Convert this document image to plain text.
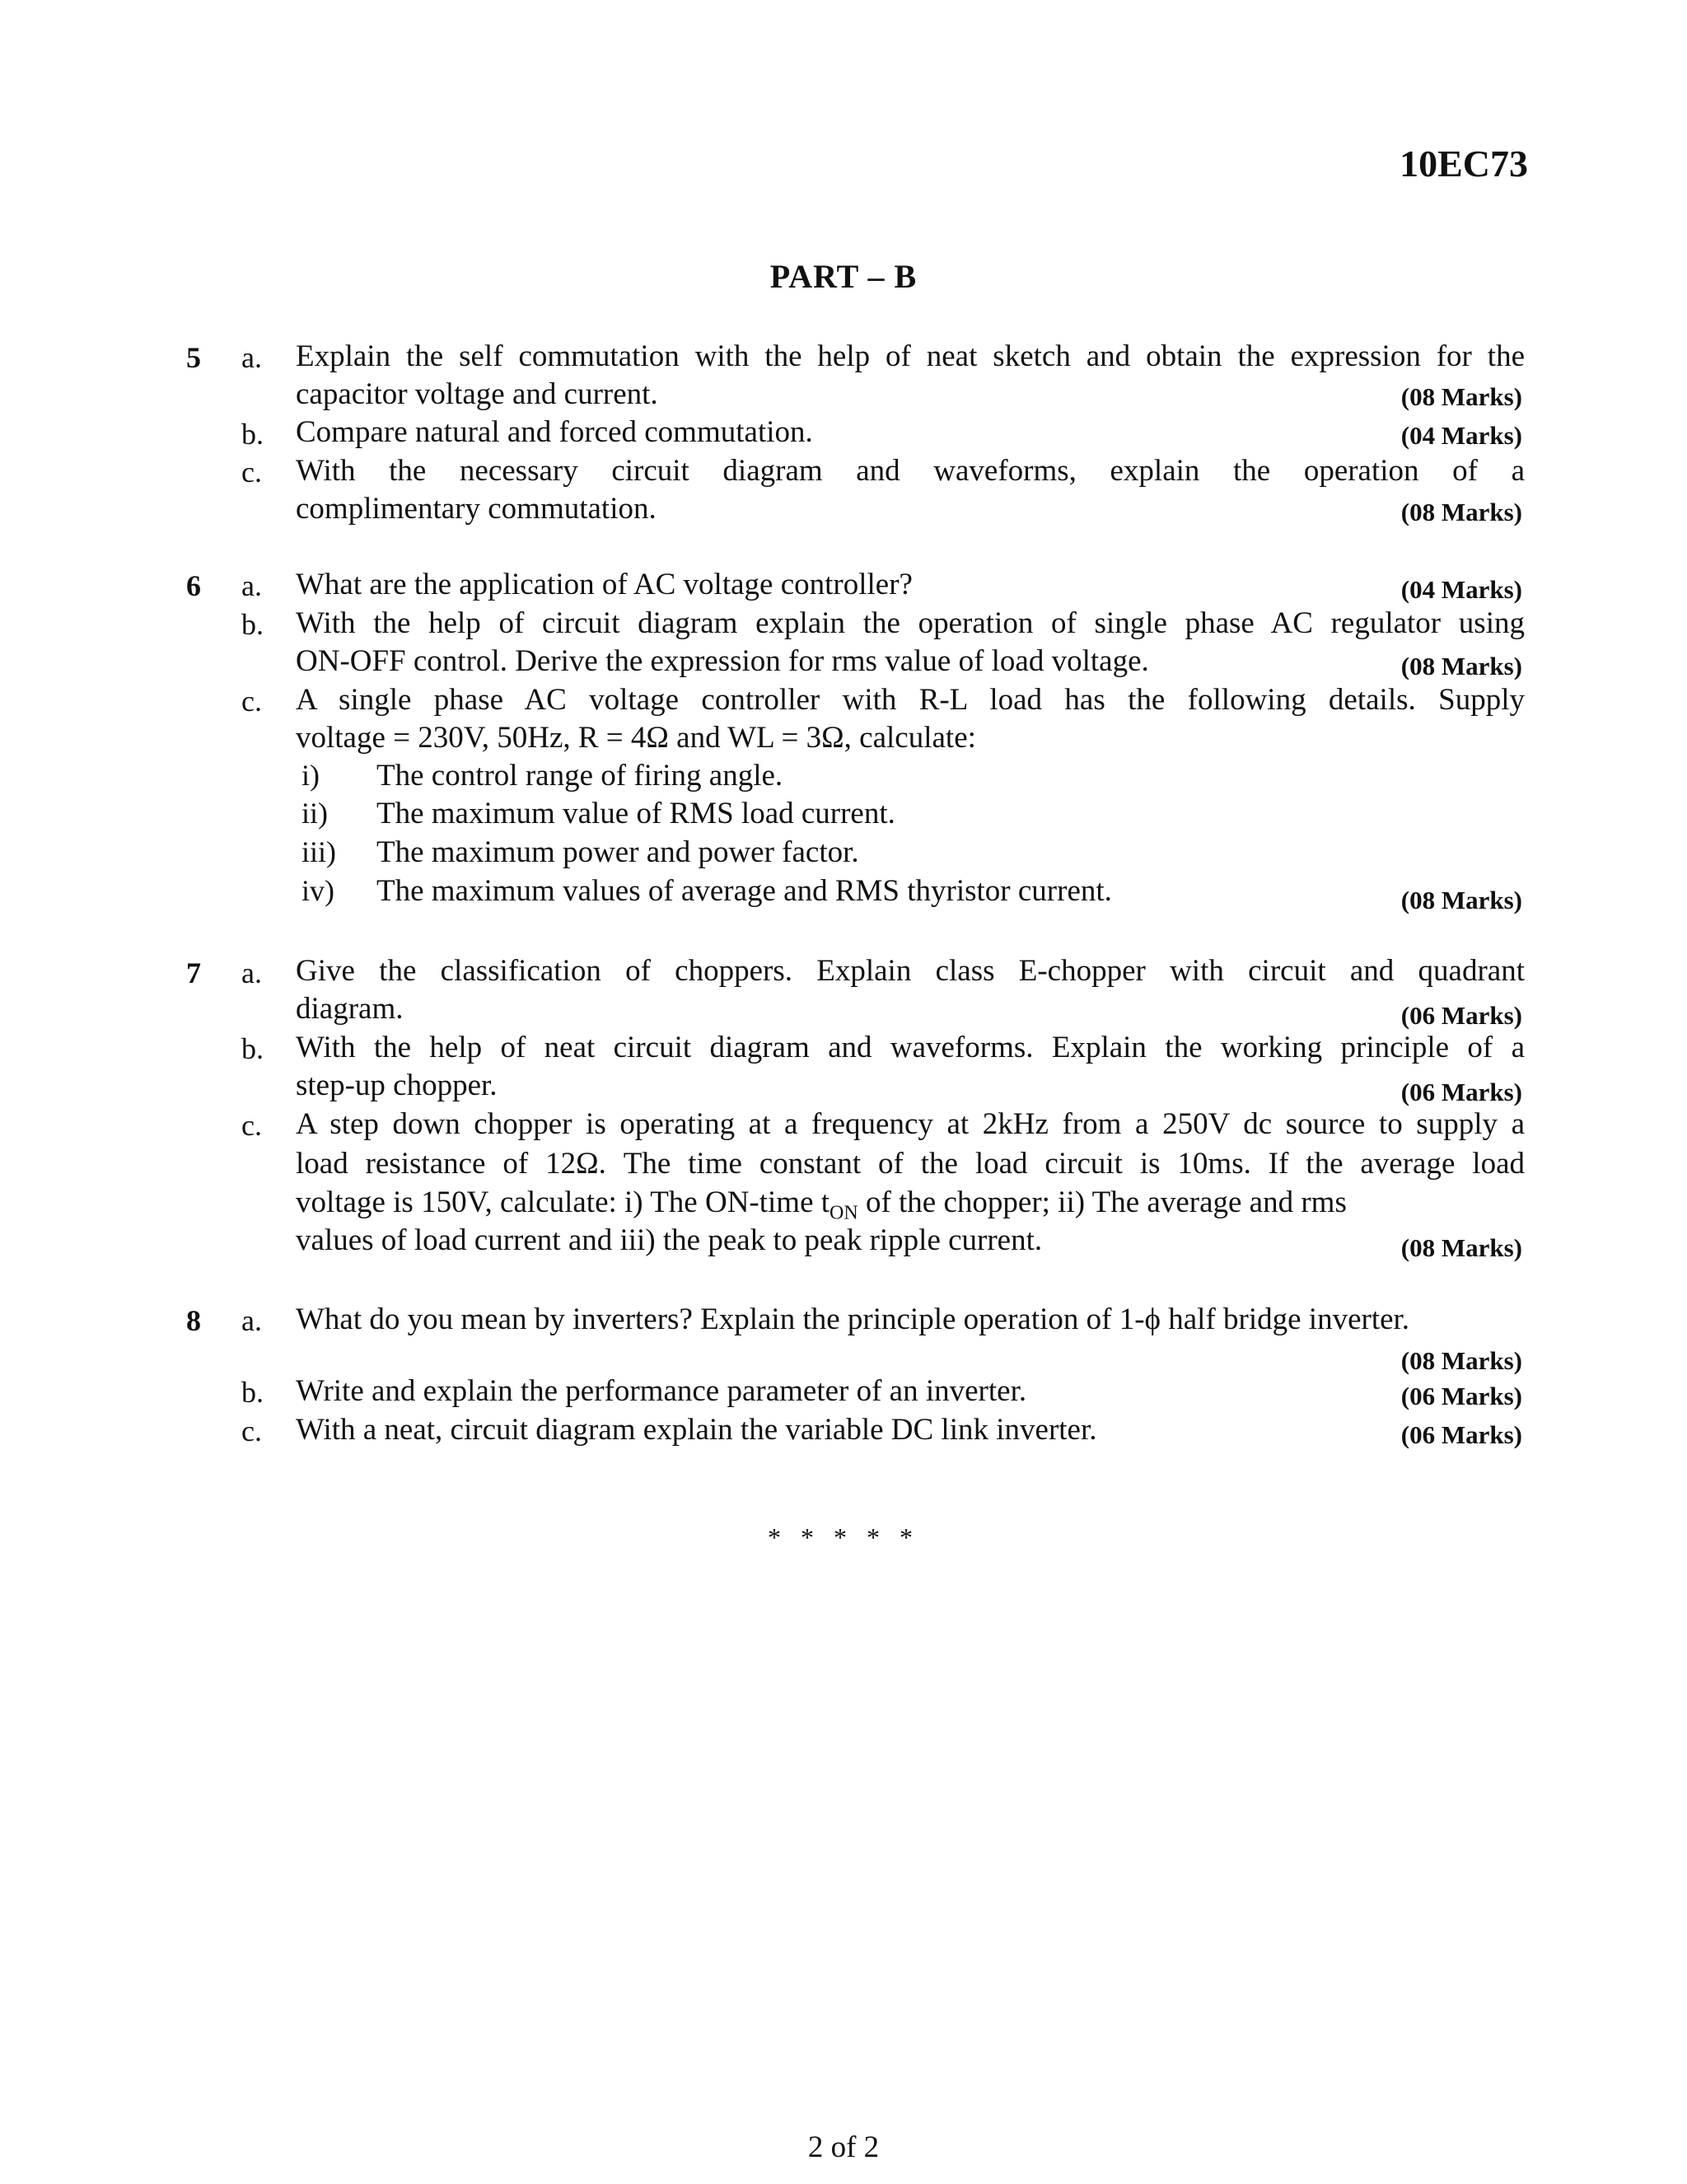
10EC73
PART – B
5 a. Explain the self commutation with the help of neat sketch and obtain the expression for the
capacitor voltage and current.	(08 Marks)
b. Compare natural and forced commutation.	(04 Marks)
c. With the necessary circuit diagram and waveforms, explain the operation of a
complimentary commutation.	(08 Marks)
6 a. What are the application of AC voltage controller?	(04 Marks)
b. With the help of circuit diagram explain the operation of single phase AC regulator using
ON-OFF control. Derive the expression for rms value of load voltage.	(08 Marks)
c. A single phase AC voltage controller with R-L load has the following details. Supply
voltage = 230V, 50Hz, R = 4Ω and WL = 3Ω, calculate:
i) The control range of firing angle.
ii) The maximum value of RMS load current.
iii) The maximum power and power factor.
iv) The maximum values of average and RMS thyristor current.	(08 Marks)
7 a. Give the classification of choppers. Explain class E-chopper with circuit and quadrant
diagram.	(06 Marks)
b. With the help of neat circuit diagram and waveforms. Explain the working principle of a
step-up chopper.	(06 Marks)
c. A step down chopper is operating at a frequency at 2kHz from a 250V dc source to supply a
load resistance of 12Ω. The time constant of the load circuit is 10ms. If the average load
voltage is 150V, calculate: i) The ON-time $t_{ON}$ of the chopper; ii) The average and rms
values of load current and iii) the peak to peak ripple current.	(08 Marks)
8 a. What do you mean by inverters? Explain the principle operation of 1-ϕ half bridge inverter.
(08 Marks)
b. Write and explain the performance parameter of an inverter.	(06 Marks)
c. With a neat, circuit diagram explain the variable DC link inverter.	(06 Marks)
* * * * *
2 of 2
